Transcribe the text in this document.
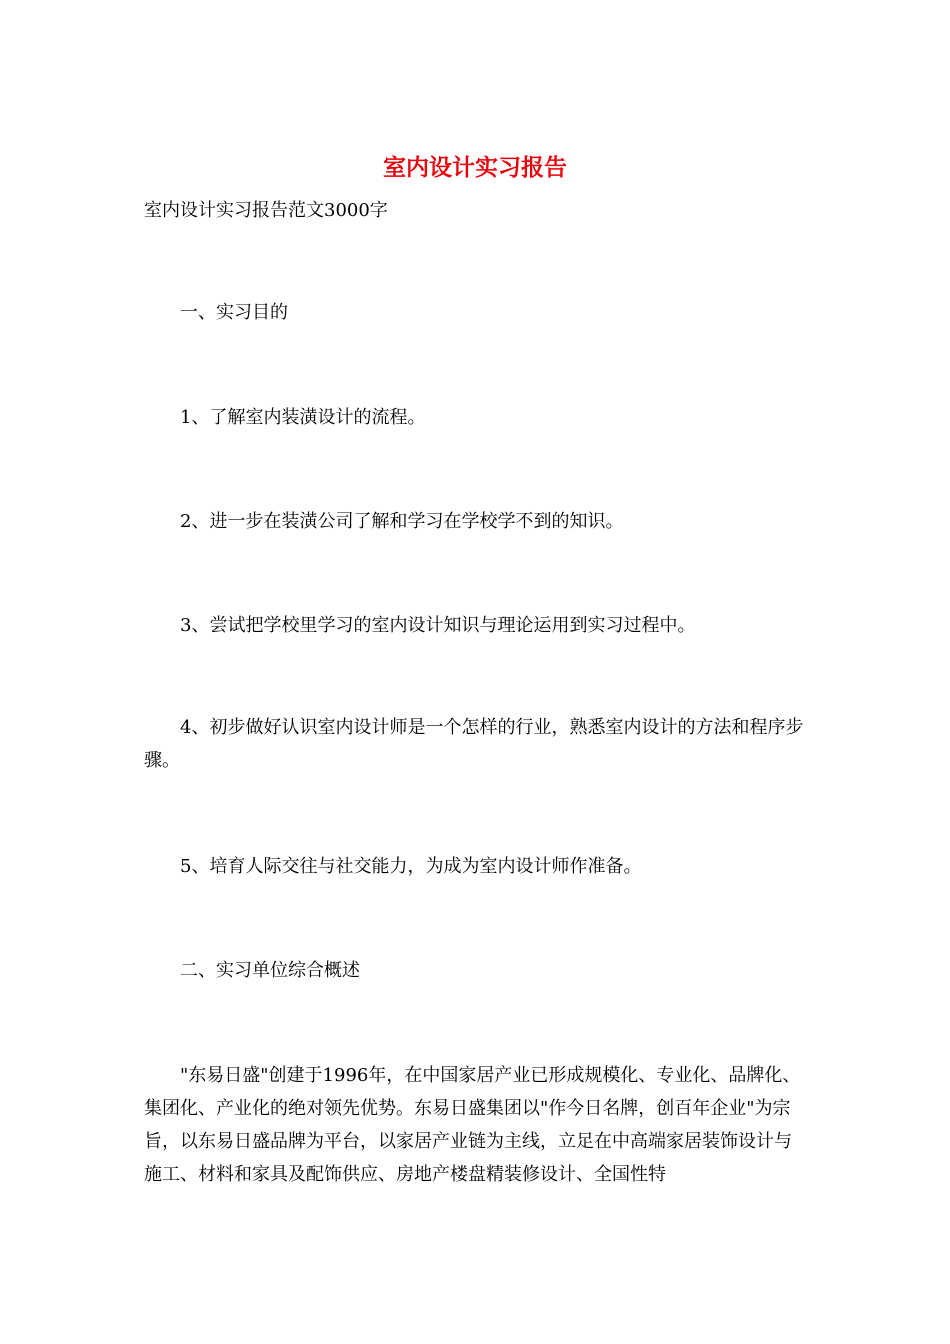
室内设计实习报告
室内设计实习报告范文3000字

一、实习目的

1、了解室内装潢设计的流程。

2、进一步在装潢公司了解和学习在学校学不到的知识。

3、尝试把学校里学习的室内设计知识与理论运用到实习过程中。

4、初步做好认识室内设计师是一个怎样的行业，熟悉室内设计的方法和程序步骤。

5、培育人际交往与社交能力，为成为室内设计师作准备。

二、实习单位综合概述

"东易日盛"创建于1996年，在中国家居产业已形成规模化、专业化、品牌化、集团化、产业化的绝对领先优势。东易日盛集团以"作今日名牌，创百年企业"为宗旨，以东易日盛品牌为平台，以家居产业链为主线，立足在中高端家居装饰设计与施工、材料和家具及配饰供应、房地产楼盘精装修设计、全国性特
